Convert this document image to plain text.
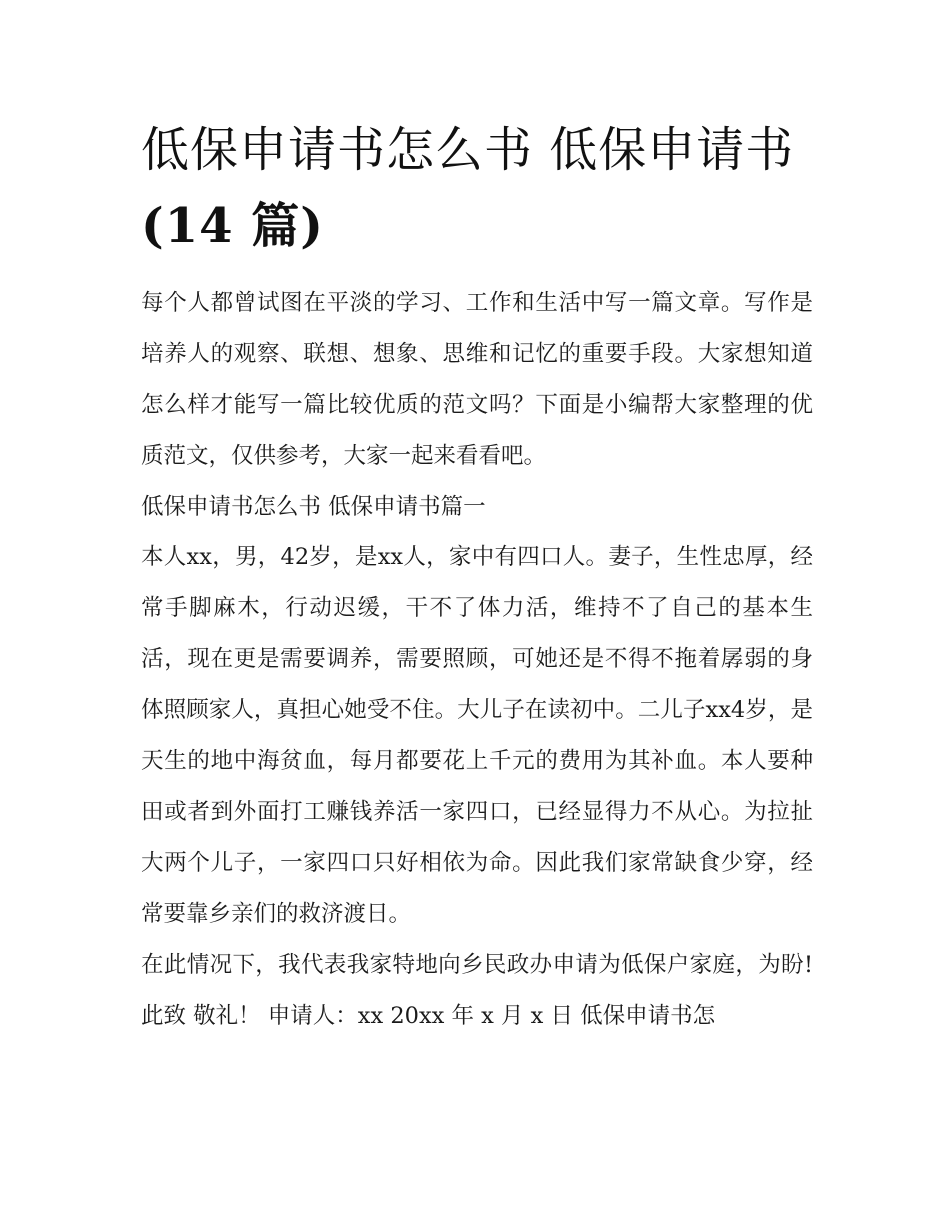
低保申请书怎么书 低保申请书
(14 篇)

每个人都曾试图在平淡的学习、工作和生活中写一篇文章。写作是培养人的观察、联想、想象、思维和记忆的重要手段。大家想知道怎么样才能写一篇比较优质的范文吗？下面是小编帮大家整理的优质范文，仅供参考，大家一起来看看吧。

低保申请书怎么书 低保申请书篇一

本人xx，男，42岁，是xx人，家中有四口人。妻子，生性忠厚，经常手脚麻木，行动迟缓，干不了体力活，维持不了自己的基本生活，现在更是需要调养，需要照顾，可她还是不得不拖着孱弱的身体照顾家人，真担心她受不住。大儿子在读初中。二儿子xx4岁，是天生的地中海贫血，每月都要花上千元的费用为其补血。本人要种田或者到外面打工赚钱养活一家四口，已经显得力不从心。为拉扯大两个儿子，一家四口只好相依为命。因此我们家常缺食少穿，经常要靠乡亲们的救济渡日。

在此情况下，我代表我家特地向乡民政办申请为低保户家庭，为盼! 此致 敬礼！ 申请人：xx 20xx 年 x 月 x 日 低保申请书怎
